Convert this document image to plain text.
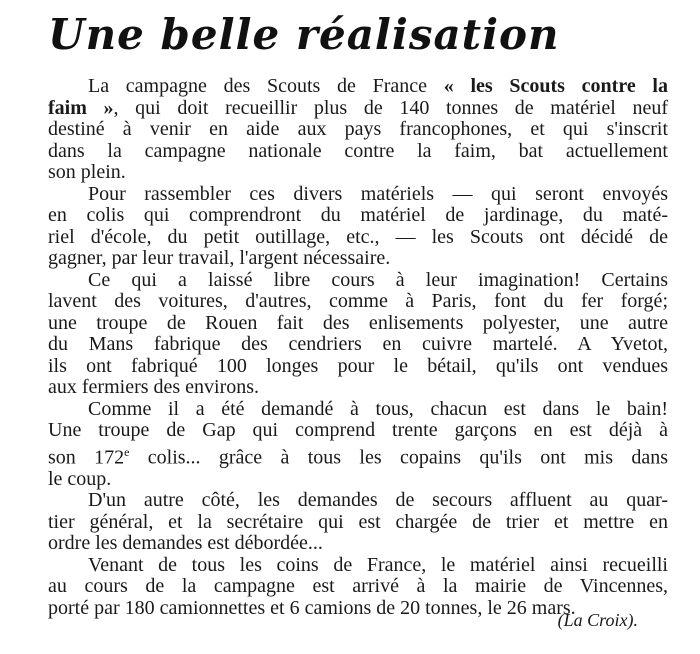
Une belle réalisation
La campagne des Scouts de France « les Scouts contre la
faim », qui doit recueillir plus de 140 tonnes de matériel neuf
destiné à venir en aide aux pays francophones, et qui s'inscrit
dans la campagne nationale contre la faim, bat actuellement
son plein.
Pour rassembler ces divers matériels — qui seront envoyés
en colis qui comprendront du matériel de jardinage, du maté-
riel d'école, du petit outillage, etc., — les Scouts ont décidé de
gagner, par leur travail, l'argent nécessaire.
Ce qui a laissé libre cours à leur imagination! Certains
lavent des voitures, d'autres, comme à Paris, font du fer forgé;
une troupe de Rouen fait des enlisements polyester, une autre
du Mans fabrique des cendriers en cuivre martelé. A Yvetot,
ils ont fabriqué 100 longes pour le bétail, qu'ils ont vendues
aux fermiers des environs.
Comme il a été demandé à tous, chacun est dans le bain!
Une troupe de Gap qui comprend trente garçons en est déjà à
son 172e colis... grâce à tous les copains qu'ils ont mis dans
le coup.
D'un autre côté, les demandes de secours affluent au quar-
tier général, et la secrétaire qui est chargée de trier et mettre en
ordre les demandes est débordée...
Venant de tous les coins de France, le matériel ainsi recueilli
au cours de la campagne est arrivé à la mairie de Vincennes,
porté par 180 camionnettes et 6 camions de 20 tonnes, le 26 mars.
(La Croix).
